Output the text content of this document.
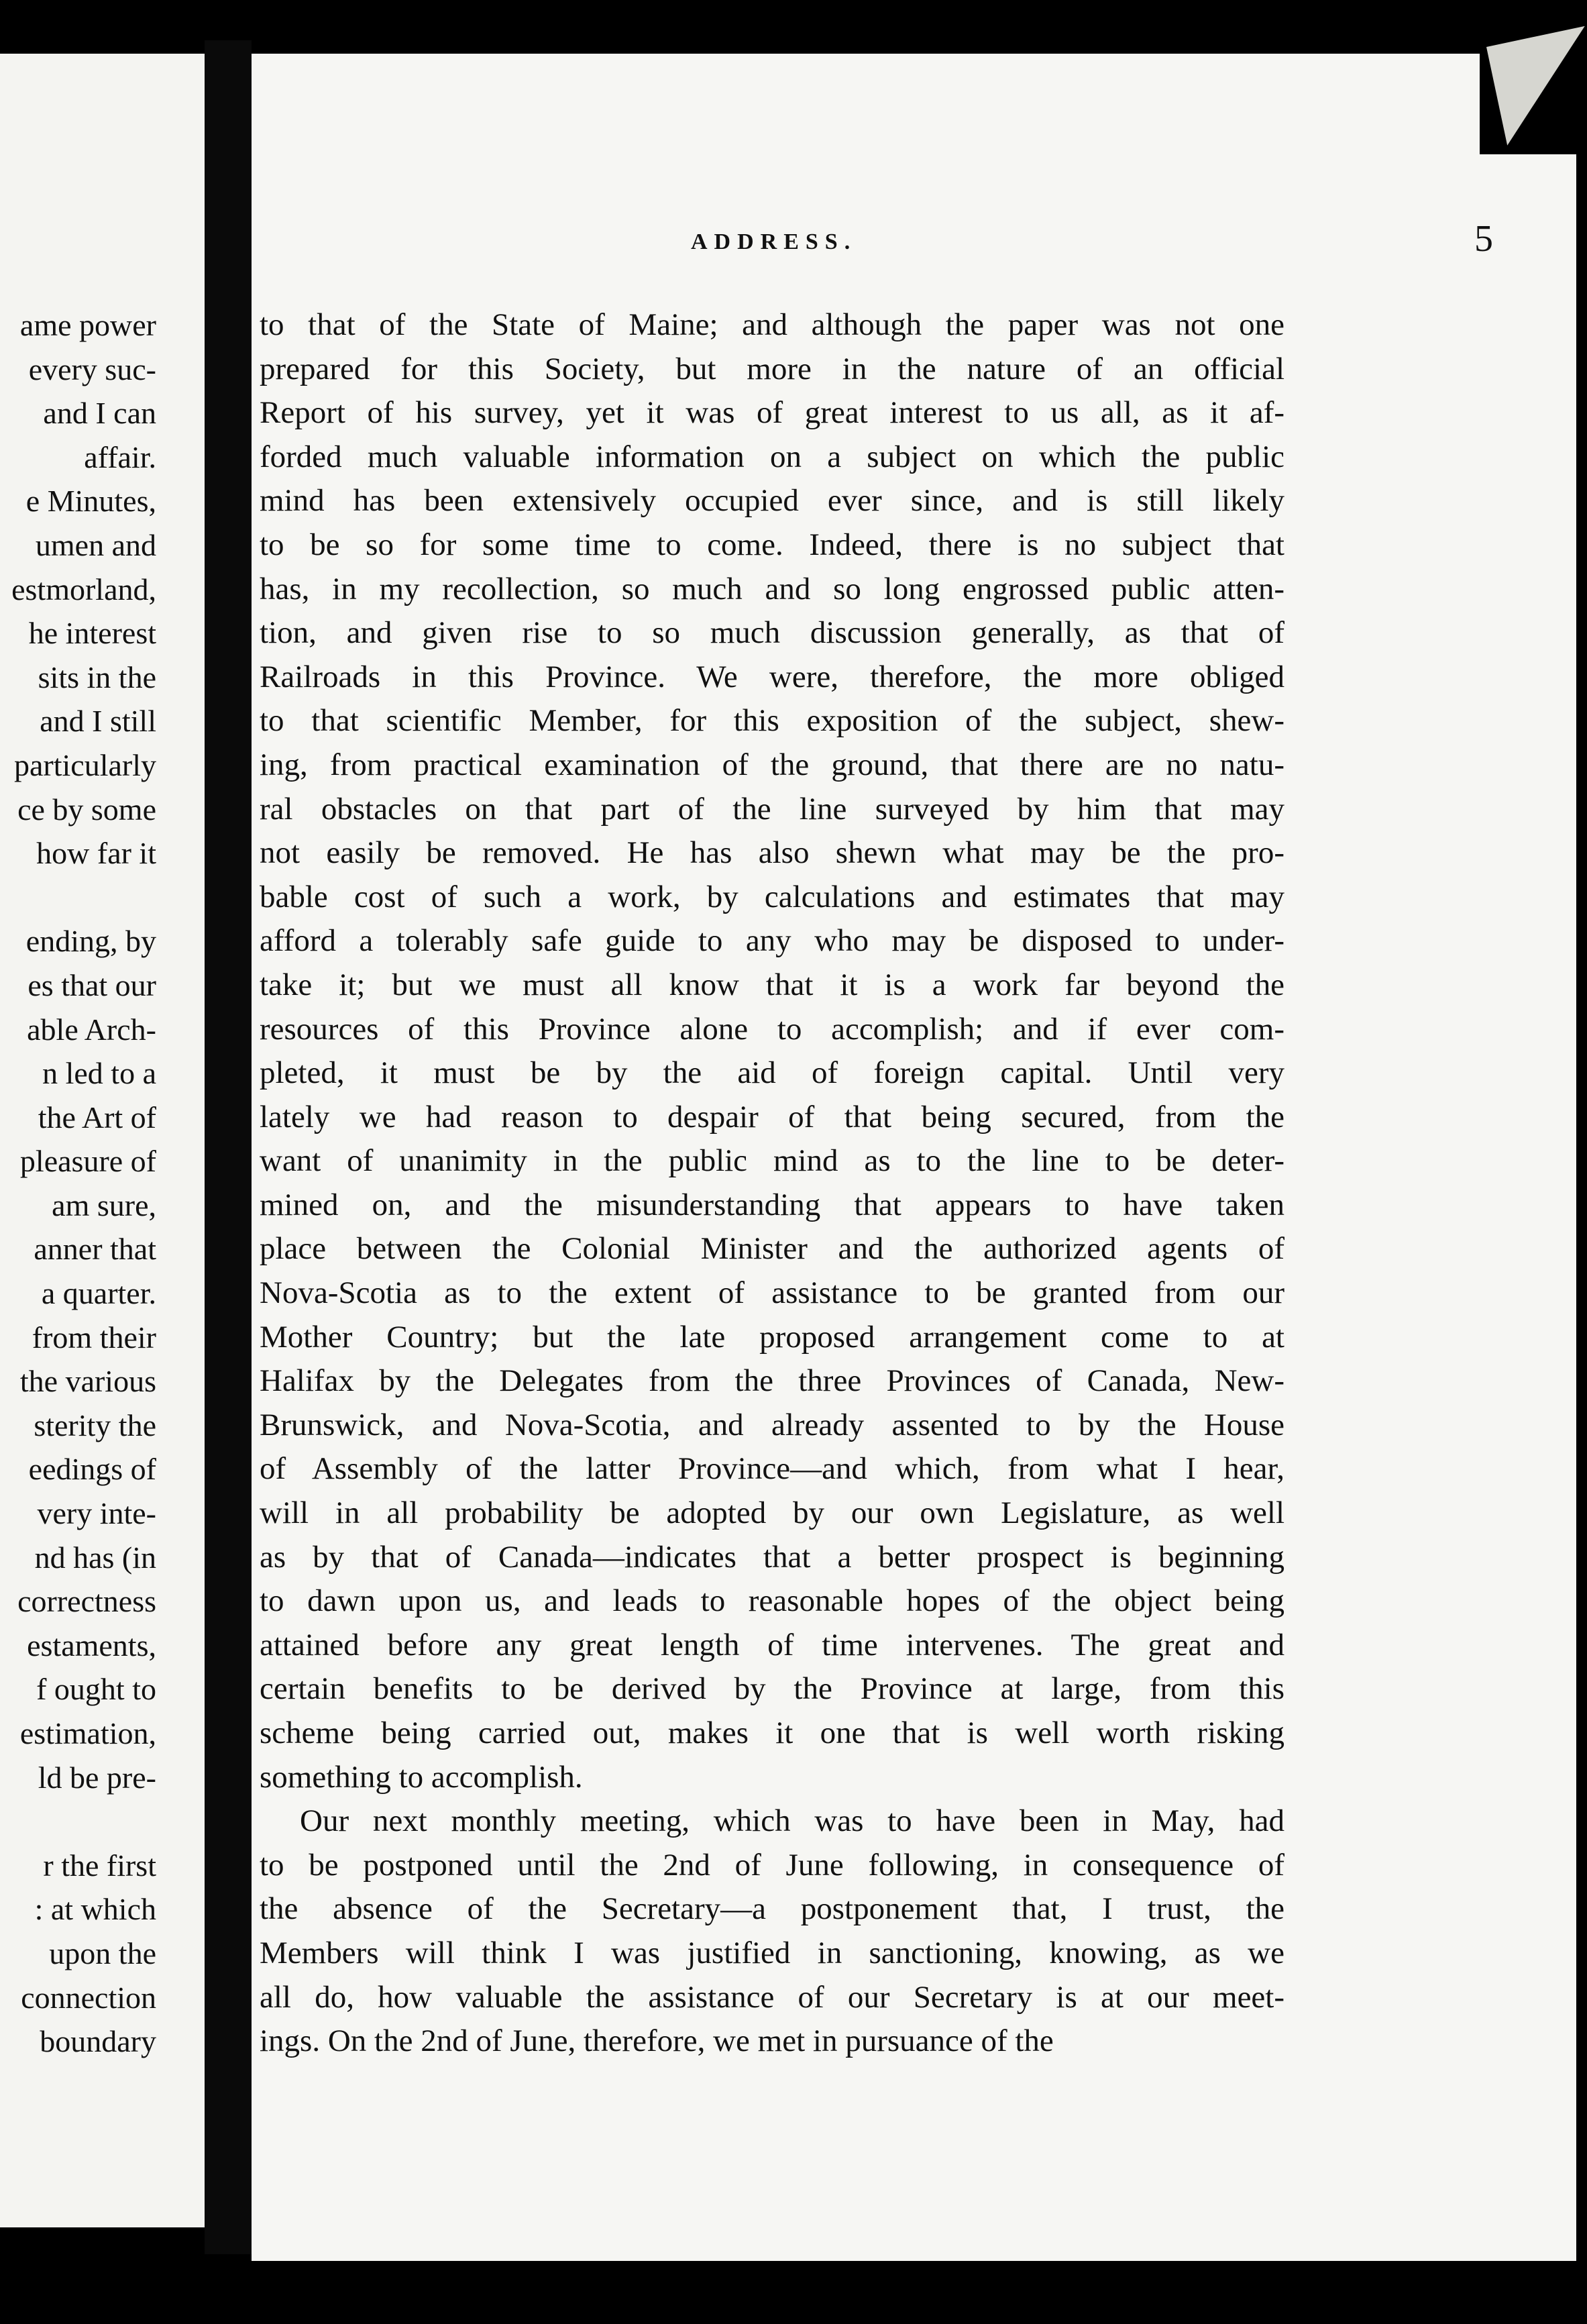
ame power
every suc-
and I can
affair.
e Minutes,
umen and
estmorland,
he interest
sits in the
and I still
particularly
ce by some
how far it
ending, by
es that our
able Arch-
n led to a
the Art of
pleasure of
am sure,
anner that
a quarter.
from their
the various
sterity the
eedings of
very inte-
nd has (in
correctness
estaments,
f ought to
estimation,
ld be pre-
r the first
: at which
upon the
connection
boundary
ADDRESS.	5
to that of the State of Maine; and although the paper was not one
prepared for this Society, but more in the nature of an official
Report of his survey, yet it was of great interest to us all, as it af-
forded much valuable information on a subject on which the public
mind has been extensively occupied ever since, and is still likely
to be so for some time to come. Indeed, there is no subject that
has, in my recollection, so much and so long engrossed public atten-
tion, and given rise to so much discussion generally, as that of
Railroads in this Province. We were, therefore, the more obliged
to that scientific Member, for this exposition of the subject, shew-
ing, from practical examination of the ground, that there are no natu-
ral obstacles on that part of the line surveyed by him that may
not easily be removed. He has also shewn what may be the pro-
bable cost of such a work, by calculations and estimates that may
afford a tolerably safe guide to any who may be disposed to under-
take it; but we must all know that it is a work far beyond the
resources of this Province alone to accomplish; and if ever com-
pleted, it must be by the aid of foreign capital. Until very
lately we had reason to despair of that being secured, from the
want of unanimity in the public mind as to the line to be deter-
mined on, and the misunderstanding that appears to have taken
place between the Colonial Minister and the authorized agents of
Nova-Scotia as to the extent of assistance to be granted from our
Mother Country; but the late proposed arrangement come to at
Halifax by the Delegates from the three Provinces of Canada, New-
Brunswick, and Nova-Scotia, and already assented to by the House
of Assembly of the latter Province—and which, from what I hear,
will in all probability be adopted by our own Legislature, as well
as by that of Canada—indicates that a better prospect is beginning
to dawn upon us, and leads to reasonable hopes of the object being
attained before any great length of time intervenes. The great and
certain benefits to be derived by the Province at large, from this
scheme being carried out, makes it one that is well worth risking
something to accomplish.
Our next monthly meeting, which was to have been in May, had
to be postponed until the 2nd of June following, in consequence of
the absence of the Secretary—a postponement that, I trust, the
Members will think I was justified in sanctioning, knowing, as we
all do, how valuable the assistance of our Secretary is at our meet-
ings. On the 2nd of June, therefore, we met in pursuance of the
